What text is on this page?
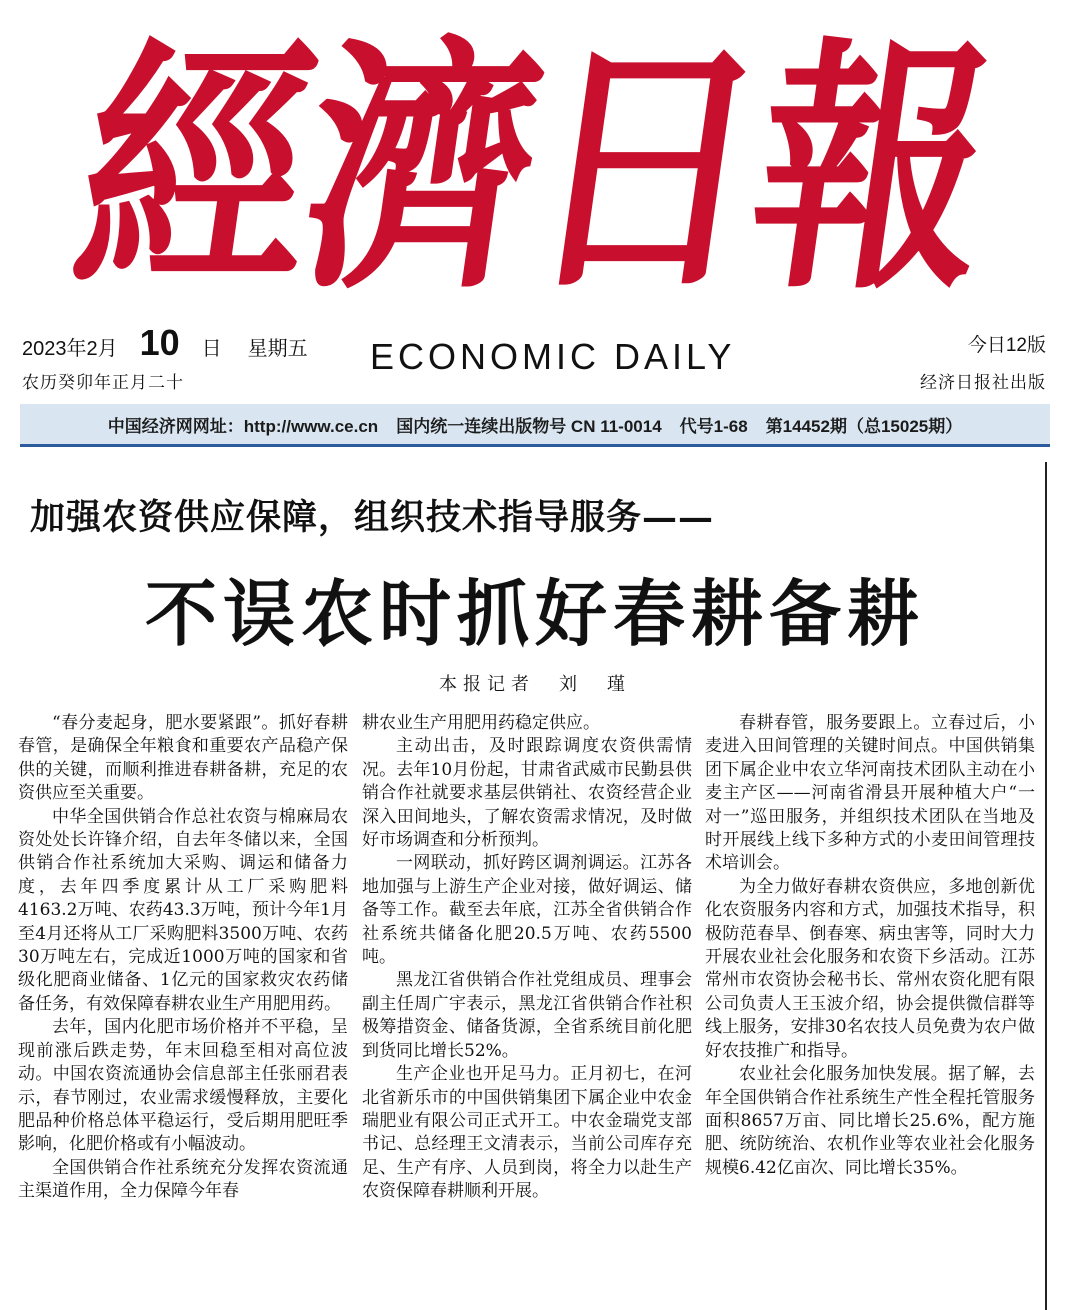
經
濟
日
報
2023年2月 10 日 星期五
农历癸卯年正月二十
ECONOMIC DAILY	今日12版
经济日报社出版
中国经济网网址：http://www.ce.cn 国内统一连续出版物号 CN 11-0014 代号1-68 第14452期（总15025期）
加强农资供应保障，组织技术指导服务——
不误农时抓好春耕备耕
本报记者　刘　瑾

“春分麦起身，肥水要紧跟”。抓好春耕春管，是确保全年粮食和重要农产品稳产保供的关键，而顺利推进春耕备耕，充足的农资供应至关重要。

中华全国供销合作总社农资与棉麻局农资处处长许锋介绍，自去年冬储以来，全国供销合作社系统加大采购、调运和储备力度，去年四季度累计从工厂采购肥料4163.2万吨、农药43.3万吨，预计今年1月至4月还将从工厂采购肥料3500万吨、农药30万吨左右，完成近1000万吨的国家和省级化肥商业储备、1亿元的国家救灾农药储备任务，有效保障春耕农业生产用肥用药。

去年，国内化肥市场价格并不平稳，呈现前涨后跌走势，年末回稳至相对高位波动。中国农资流通协会信息部主任张丽君表示，春节刚过，农业需求缓慢释放，主要化肥品种价格总体平稳运行，受后期用肥旺季影响，化肥价格或有小幅波动。

全国供销合作社系统充分发挥农资流通主渠道作用，全力保障今年春

耕农业生产用肥用药稳定供应。

主动出击，及时跟踪调度农资供需情况。去年10月份起，甘肃省武威市民勤县供销合作社就要求基层供销社、农资经营企业深入田间地头，了解农资需求情况，及时做好市场调查和分析预判。

一网联动，抓好跨区调剂调运。江苏各地加强与上游生产企业对接，做好调运、储备等工作。截至去年底，江苏全省供销合作社系统共储备化肥20.5万吨、农药5500吨。

黑龙江省供销合作社党组成员、理事会副主任周广宇表示，黑龙江省供销合作社积极筹措资金、储备货源，全省系统目前化肥到货同比增长52%。

生产企业也开足马力。正月初七，在河北省新乐市的中国供销集团下属企业中农金瑞肥业有限公司正式开工。中农金瑞党支部书记、总经理王文清表示，当前公司库存充足、生产有序、人员到岗，将全力以赴生产农资保障春耕顺利开展。

春耕春管，服务要跟上。立春过后，小麦进入田间管理的关键时间点。中国供销集团下属企业中农立华河南技术团队主动在小麦主产区——河南省滑县开展种植大户“一对一”巡田服务，并组织技术团队在当地及时开展线上线下多种方式的小麦田间管理技术培训会。

为全力做好春耕农资供应，多地创新优化农资服务内容和方式，加强技术指导，积极防范春旱、倒春寒、病虫害等，同时大力开展农业社会化服务和农资下乡活动。江苏常州市农资协会秘书长、常州农资化肥有限公司负责人王玉波介绍，协会提供微信群等线上服务，安排30名农技人员免费为农户做好农技推广和指导。

农业社会化服务加快发展。据了解，去年全国供销合作社系统生产性全程托管服务面积8657万亩、同比增长25.6%，配方施肥、统防统治、农机作业等农业社会化服务规模6.42亿亩次、同比增长35%。
